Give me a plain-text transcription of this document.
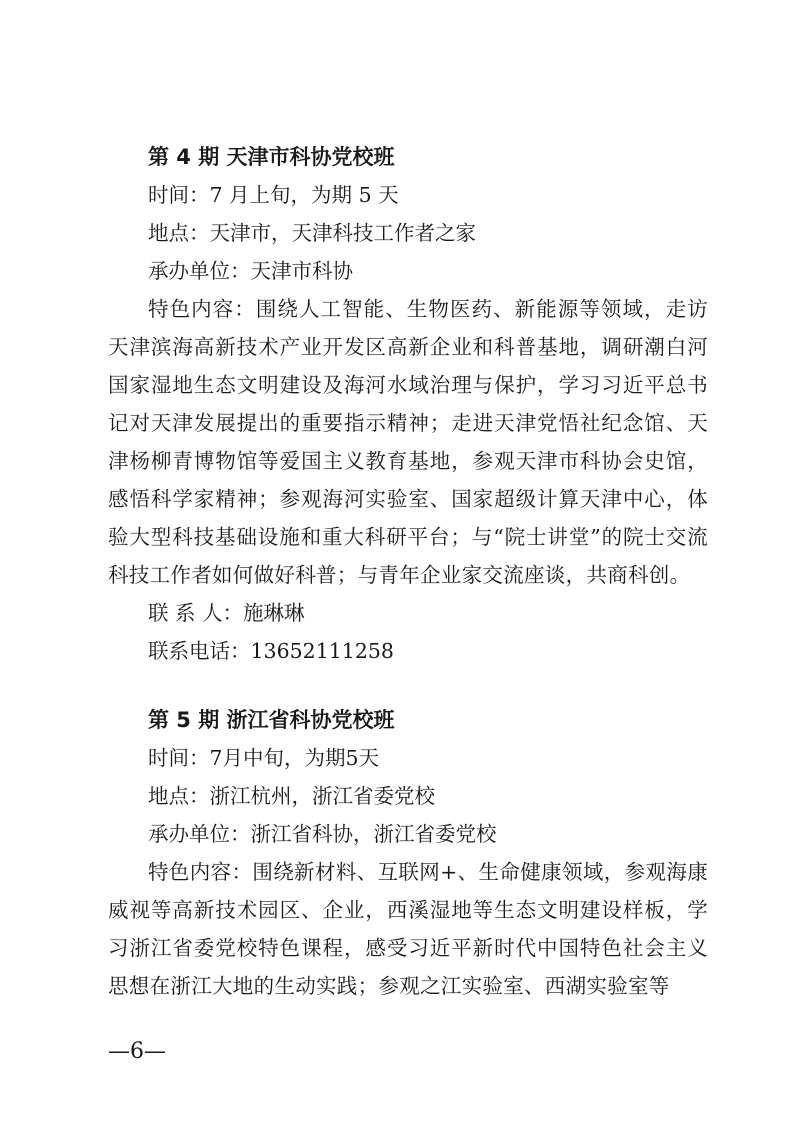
第 4 期 天津市科协党校班
时间：7 月上旬，为期 5 天
地点：天津市，天津科技工作者之家
承办单位：天津市科协
特色内容：围绕人工智能、生物医药、新能源等领域，走访天津滨海高新技术产业开发区高新企业和科普基地，调研潮白河国家湿地生态文明建设及海河水域治理与保护，学习习近平总书记对天津发展提出的重要指示精神；走进天津党悟社纪念馆、天津杨柳青博物馆等爱国主义教育基地，参观天津市科协会史馆，感悟科学家精神；参观海河实验室、国家超级计算天津中心，体验大型科技基础设施和重大科研平台；与“院士讲堂”的院士交流科技工作者如何做好科普；与青年企业家交流座谈，共商科创。
联 系 人：施琳琳
联系电话：13652111258
第 5 期 浙江省科协党校班
时间：7月中旬，为期5天
地点：浙江杭州，浙江省委党校
承办单位：浙江省科协，浙江省委党校
特色内容：围绕新材料、互联网+、生命健康领域，参观海康威视等高新技术园区、企业，西溪湿地等生态文明建设样板，学习浙江省委党校特色课程，感受习近平新时代中国特色社会主义思想在浙江大地的生动实践；参观之江实验室、西湖实验室等
—6—
